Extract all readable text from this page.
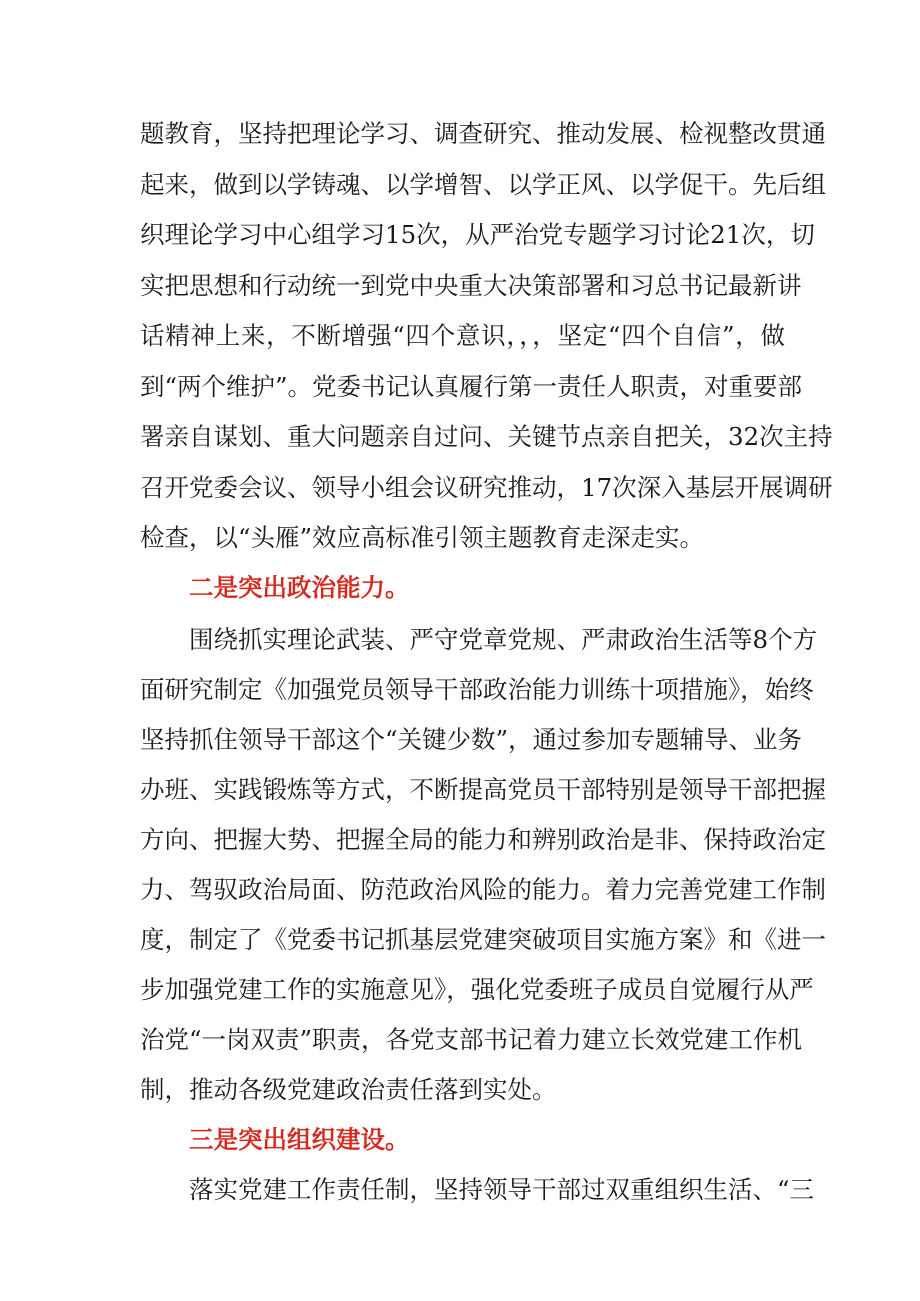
题教育，坚持把理论学习、调查研究、推动发展、检视整改贯通

起来，做到以学铸魂、以学增智、以学正风、以学促干。先后组

织理论学习中心组学习15次，从严治党专题学习讨论21次，切

实把思想和行动统一到党中央重大决策部署和习总书记最新讲

话精神上来，不断增强“四个意识，，，坚定“四个自信”，做

到“两个维护”。党委书记认真履行第一责任人职责，对重要部

署亲自谋划、重大问题亲自过问、关键节点亲自把关，32次主持

召开党委会议、领导小组会议研究推动，17次深入基层开展调研

检查，以“头雁”效应高标准引领主题教育走深走实。

二是突出政治能力。

围绕抓实理论武装、严守党章党规、严肃政治生活等8个方

面研究制定《加强党员领导干部政治能力训练十项措施》，始终

坚持抓住领导干部这个“关键少数”，通过参加专题辅导、业务

办班、实践锻炼等方式，不断提高党员干部特别是领导干部把握

方向、把握大势、把握全局的能力和辨别政治是非、保持政治定

力、驾驭政治局面、防范政治风险的能力。着力完善党建工作制

度，制定了《党委书记抓基层党建突破项目实施方案》和《进一

步加强党建工作的实施意见》，强化党委班子成员自觉履行从严

治党“一岗双责”职责，各党支部书记着力建立长效党建工作机

制，推动各级党建政治责任落到实处。

三是突出组织建设。

落实党建工作责任制，坚持领导干部过双重组织生活、“三
